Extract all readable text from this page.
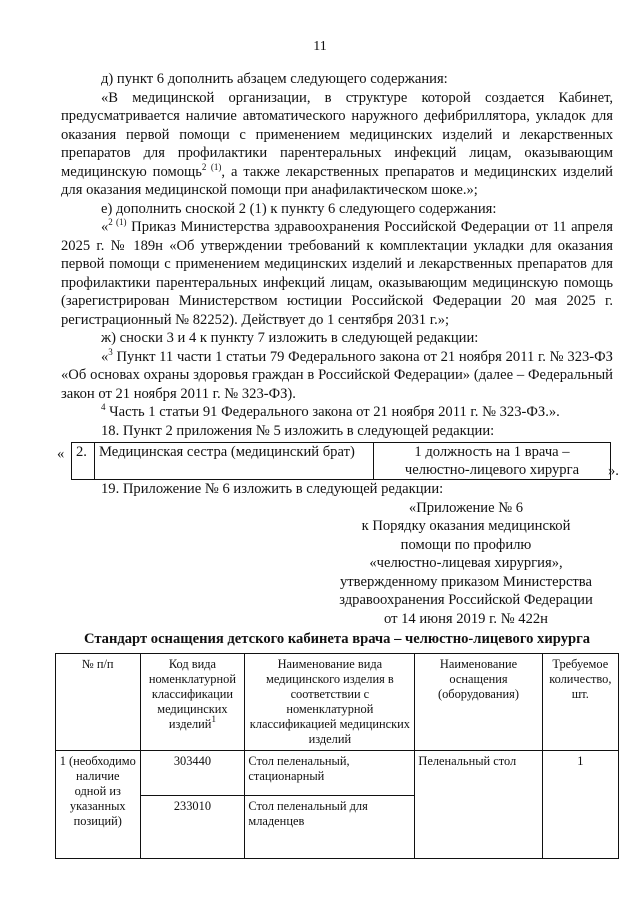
11

д) пункт 6 дополнить абзацем следующего содержания:

«В медицинской организации, в структуре которой создается Кабинет, предусматривается наличие автоматического наружного дефибриллятора, укладок для оказания первой помощи с применением медицинских изделий и лекарственных препаратов для профилактики парентеральных инфекций лицам, оказывающим медицинскую помощь$^{2 (1)}$, а также лекарственных препаратов и медицинских изделий для оказания медицинской помощи при анафилактическом шоке.»;

е) дополнить сноской 2 (1) к пункту 6 следующего содержания:

«$^{2 (1)}$ Приказ Министерства здравоохранения Российской Федерации от 11 апреля 2025 г. № 189н «Об утверждении требований к комплектации укладки для оказания первой помощи с применением медицинских изделий и лекарственных препаратов для профилактики парентеральных инфекций лицам, оказывающим медицинскую помощь (зарегистрирован Министерством юстиции Российской Федерации 20 мая 2025 г. регистрационный № 82252). Действует до 1 сентября 2031 г.»;

ж) сноски 3 и 4 к пункту 7 изложить в следующей редакции:

«$^3$ Пункт 11 части 1 статьи 79 Федерального закона от 21 ноября 2011 г. № 323-ФЗ «Об основах охраны здоровья граждан в Российской Федерации» (далее – Федеральный закон от 21 ноября 2011 г. № 323-ФЗ).

$^4$ Часть 1 статьи 91 Федерального закона от 21 ноября 2011 г. № 323-ФЗ.».

18. Пункт 2 приложения № 5 изложить в следующей редакции:

« 2.	Медицинская сестра (медицинский брат)	1 должность на 1 врача –
челюстно-лицевого хирурга	».

19. Приложение № 6 изложить в следующей редакции:

«Приложение № 6
к Порядку оказания медицинской
помощи по профилю
«челюстно-лицевая хирургия»,
утвержденному приказом Министерства
здравоохранения Российской Федерации
от 14 июня 2019 г. № 422н
Стандарт оснащения детского кабинета врача – челюстно-лицевого хирурга
№ п/п	Код вида номенклатурной классификации медицинских изделий$^1$	Наименование вида медицинского изделия в соответствии с номенклатурной классификацией медицинских изделий	Наименование оснащения (оборудования)	Требуемое количество, шт.
1 (необходимо наличие одной из указанных позиций)	303440	Стол пеленальный, стационарный	Пеленальный стол	1
	233010	Стол пеленальный для младенцев		
